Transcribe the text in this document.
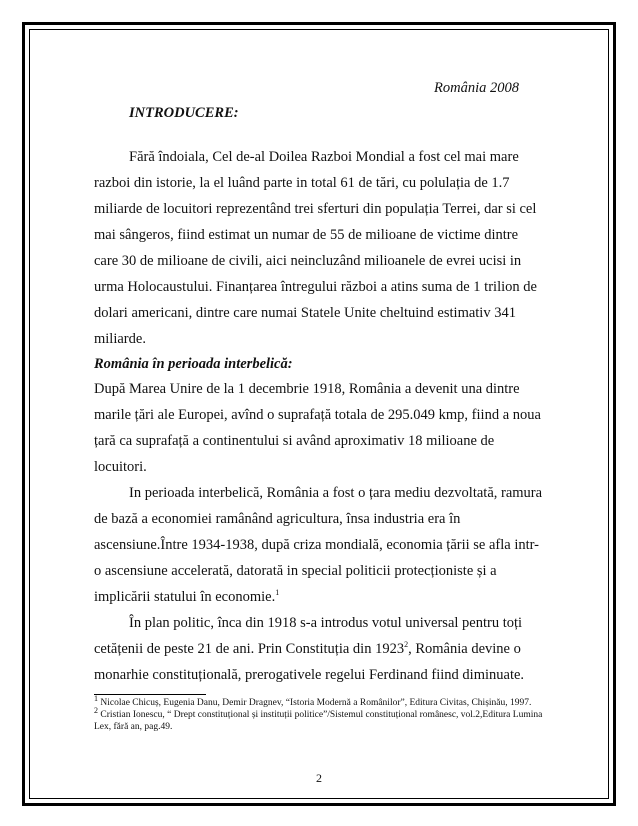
România 2008
INTRODUCERE:

Fără îndoiala, Cel de-al Doilea Razboi Mondial a fost cel mai mare razboi din istorie, la el luând parte in total 61 de tări, cu polulația de 1.7 miliarde de locuitori reprezentând trei sferturi din populația Terrei, dar si cel mai sângeros, fiind estimat un numar de 55 de milioane de victime dintre care 30 de milioane de civili, aici neincluzând milioanele de evrei ucisi in urma Holocaustului. Finanțarea întregului război a atins suma de 1 trilion de dolari americani, dintre care numai Statele Unite cheltuind estimativ 341 miliarde.

România în perioada interbelică:

După Marea Unire de la 1 decembrie 1918, România a devenit una dintre marile țări ale Europei, avînd o suprafață totala de 295.049 kmp, fiind a noua țară ca suprafață a continentului si având aproximativ 18 milioane de locuitori.

In perioada interbelică, România a fost o țara mediu dezvoltată, ramura de bază a economiei ramânând agricultura, însa industria era în ascensiune.Între 1934-1938, după criza mondială, economia țării se afla intr-o ascensiune accelerată, datorată in special politicii protecționiste și a implicării statului în economie.$^1$

În plan politic, înca din 1918 s-a introdus votul universal pentru toți cetățenii de peste 21 de ani. Prin Constituția din 1923$^2$, România devine o monarhie constituțională, prerogativele regelui Ferdinand fiind diminuate.

$^1$ Nicolae Chicuș, Eugenia Danu, Demir Dragnev, “Istoria Modernă a Românilor”, Editura Civitas, Chișinău, 1997.

$^2$ Cristian Ionescu, “ Drept constituțional și instituții politice”/Sistemul constituțional românesc, vol.2,Editura Lumina Lex, fără an, pag.49.

2
